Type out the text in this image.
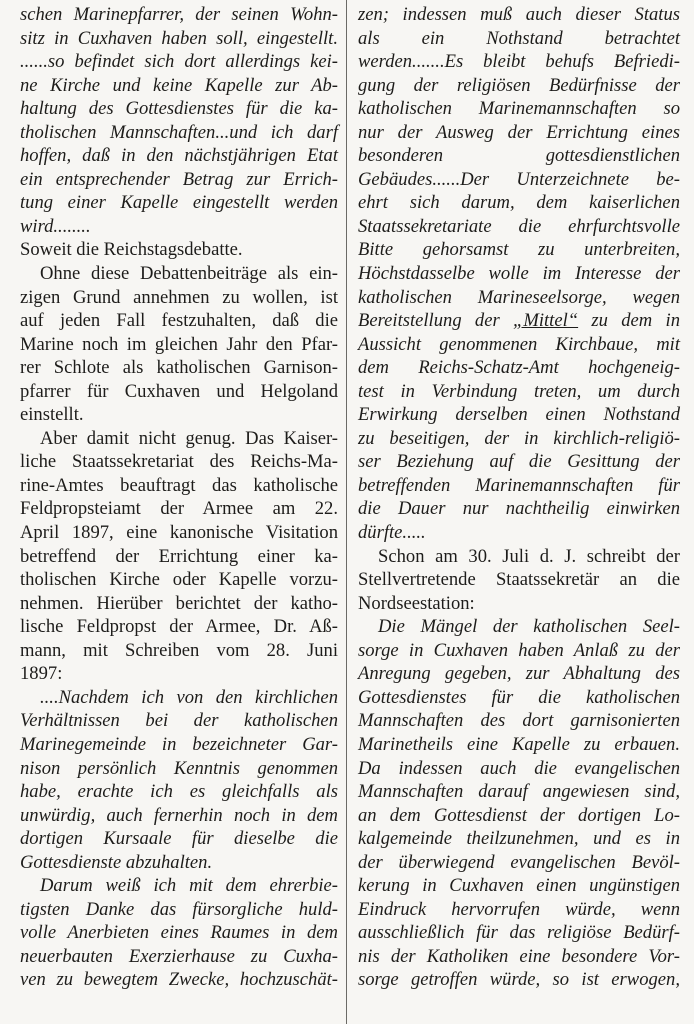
schen Marinepfarrer, der seinen Wohn-
sitz in Cuxhaven haben soll, eingestellt.
......so befindet sich dort allerdings kei-
ne Kirche und keine Kapelle zur Ab-
haltung des Gottesdienstes für die ka-
tholischen Mannschaften...und ich darf
hoffen, daß in den nächstjährigen Etat
ein entsprechender Betrag zur Errich-
tung einer Kapelle eingestellt werden
wird........
Soweit die Reichstagsdebatte.
Ohne diese Debattenbeiträge als ein-
zigen Grund annehmen zu wollen, ist
auf jeden Fall festzuhalten, daß die
Marine noch im gleichen Jahr den Pfar-
rer Schlote als katholischen Garnison-
pfarrer für Cuxhaven und Helgoland
einstellt.
Aber damit nicht genug. Das Kaiser-
liche Staatssekretariat des Reichs-Ma-
rine-Amtes beauftragt das katholische
Feldpropsteiamt der Armee am 22.
April 1897, eine kanonische Visitation
betreffend der Errichtung einer ka-
tholischen Kirche oder Kapelle vorzu-
nehmen. Hierüber berichtet der katho-
lische Feldpropst der Armee, Dr. Aß-
mann, mit Schreiben vom 28. Juni
1897:
....Nachdem ich von den kirchlichen
Verhältnissen bei der katholischen
Marinegemeinde in bezeichneter Gar-
nison persönlich Kenntnis genommen
habe, erachte ich es gleichfalls als
unwürdig, auch fernerhin noch in dem
dortigen Kursaale für dieselbe die
Gottesdienste abzuhalten.
Darum weiß ich mit dem ehrerbie-
tigsten Danke das fürsorgliche huld-
volle Anerbieten eines Raumes in dem
neuerbauten Exerzierhause zu Cuxha-
ven zu bewegtem Zwecke, hochzuschät-
zen; indessen muß auch dieser Status
als ein Nothstand betrachtet
werden.......Es bleibt behufs Befriedi-
gung der religiösen Bedürfnisse der
katholischen Marinemannschaften so
nur der Ausweg der Errichtung eines
besonderen gottesdienstlichen
Gebäudes......Der Unterzeichnete be-
ehrt sich darum, dem kaiserlichen
Staatssekretariate die ehrfurchtsvolle
Bitte gehorsamst zu unterbreiten,
Höchstdasselbe wolle im Interesse der
katholischen Marineseelsorge, wegen
Bereitstellung der „Mittel“ zu dem in
Aussicht genommenen Kirchbaue, mit
dem Reichs-Schatz-Amt hochgeneig-
test in Verbindung treten, um durch
Erwirkung derselben einen Nothstand
zu beseitigen, der in kirchlich-religiö-
ser Beziehung auf die Gesittung der
betreffenden Marinemannschaften für
die Dauer nur nachtheilig einwirken
dürfte.....
Schon am 30. Juli d. J. schreibt der
Stellvertretende Staatssekretär an die
Nordseestation:
Die Mängel der katholischen Seel-
sorge in Cuxhaven haben Anlaß zu der
Anregung gegeben, zur Abhaltung des
Gottesdienstes für die katholischen
Mannschaften des dort garnisonierten
Marinetheils eine Kapelle zu erbauen.
Da indessen auch die evangelischen
Mannschaften darauf angewiesen sind,
an dem Gottesdienst der dortigen Lo-
kalgemeinde theilzunehmen, und es in
der überwiegend evangelischen Bevöl-
kerung in Cuxhaven einen ungünstigen
Eindruck hervorrufen würde, wenn
ausschließlich für das religiöse Bedürf-
nis der Katholiken eine besondere Vor-
sorge getroffen würde, so ist erwogen,
